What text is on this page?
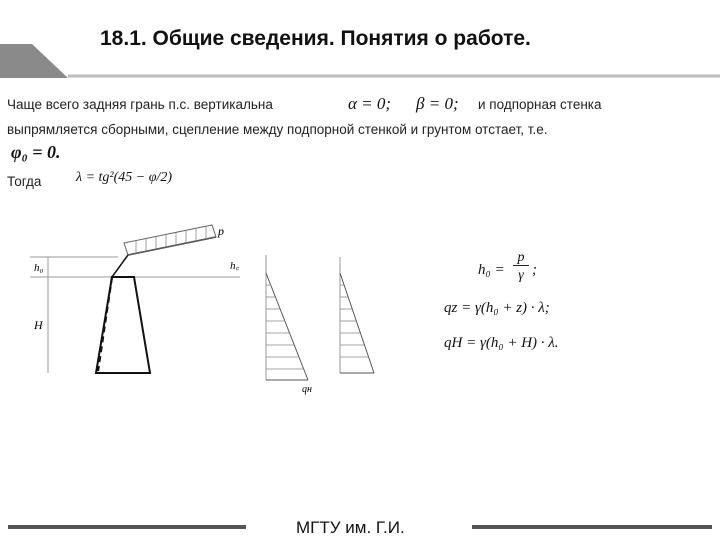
18.1. Общие сведения. Понятия о работе.
Чаще всего задняя грань п.с. вертикальна	α = 0; β = 0; и подпорная стенка
выпрямляется сборными, сцепление между подпорной стенкой и грунтом отстает, т.е.
φ₀ = 0.
Тогда λ = tg²(45 − φ/2)
h₀
H
p
h꜀
qн
h₀ =
p
γ ;
qz = γ(h₀ + z) · λ;
qH = γ(h₀ + H) · λ.
МГТУ им. Г.И.
